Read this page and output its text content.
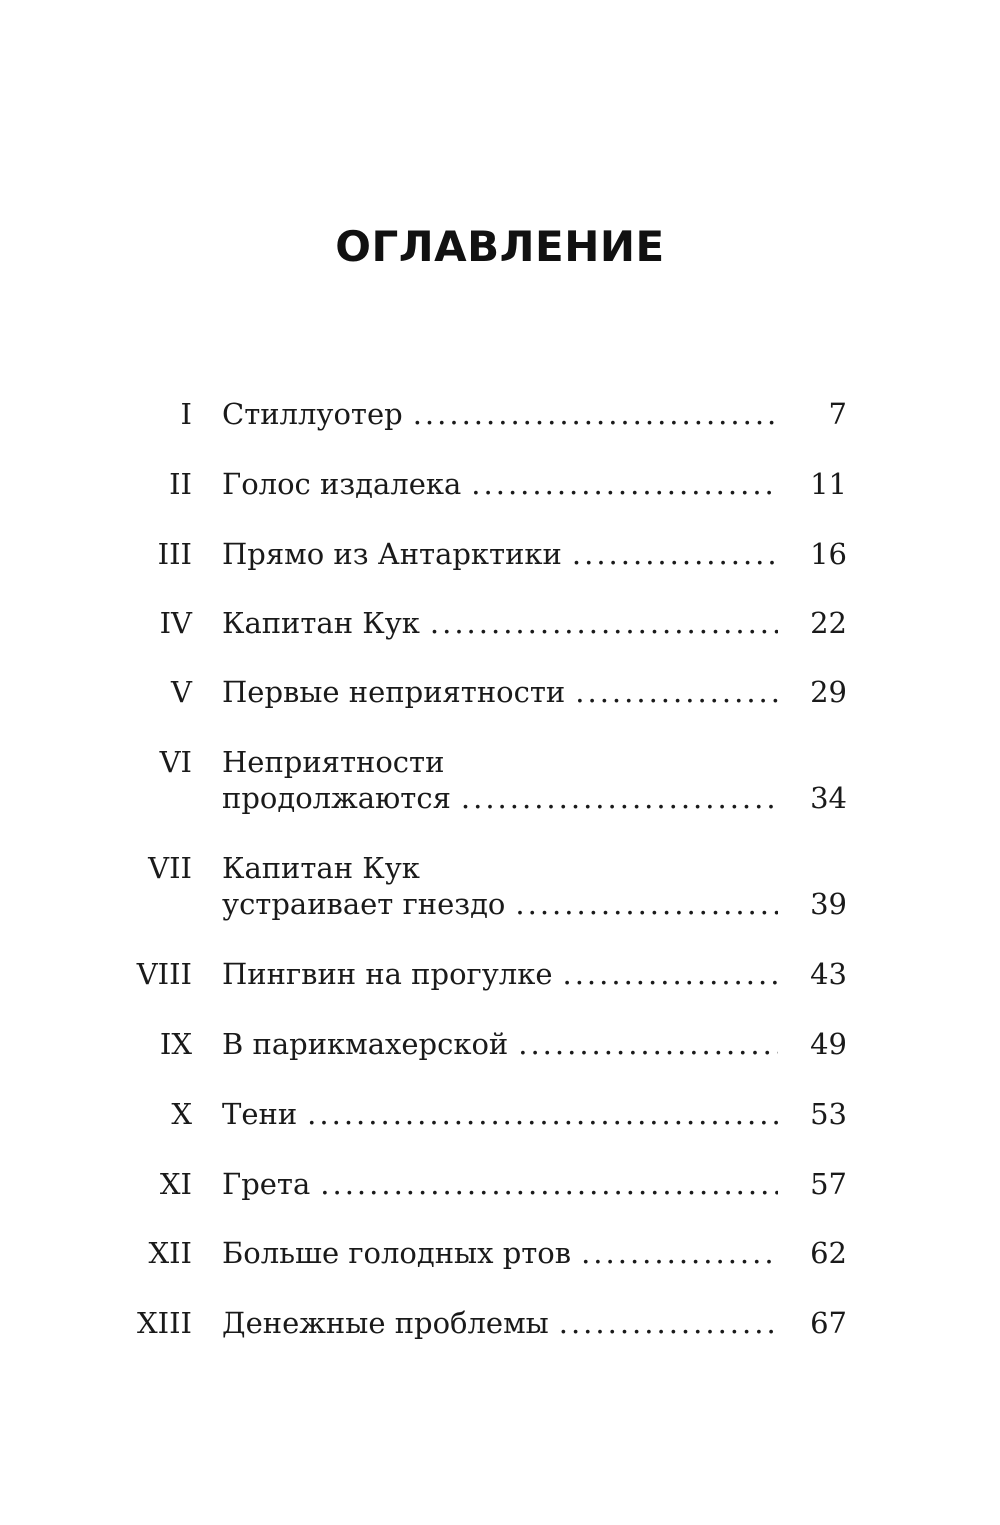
ОГЛАВЛЕНИЕ
I Стиллуотер .....	7
II Голос издалека .....	11
III Прямо из Антарктики .....	16
IV Капитан Кук .....	22
V Первые неприятности .....	29
VI Неприятности
продолжаются .....	34
VII Капитан Кук
устраивает гнездо .....	39
VIII Пингвин на прогулке .....	43
IX В парикмахерской .....	49
X Тени .....	53
XI Грета .....	57
XII Больше голодных ртов .....	62
XIII Денежные проблемы .....	67
